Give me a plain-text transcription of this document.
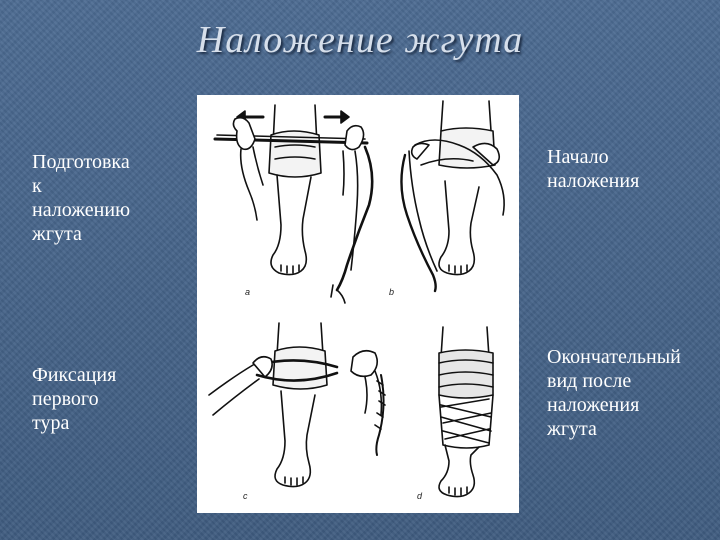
Наложение жгута
Подготовка
к
наложению
жгута
Фиксация
первого
тура
Начало
наложения
Окончательный
вид после
наложения
жгута
a	b
c	d
